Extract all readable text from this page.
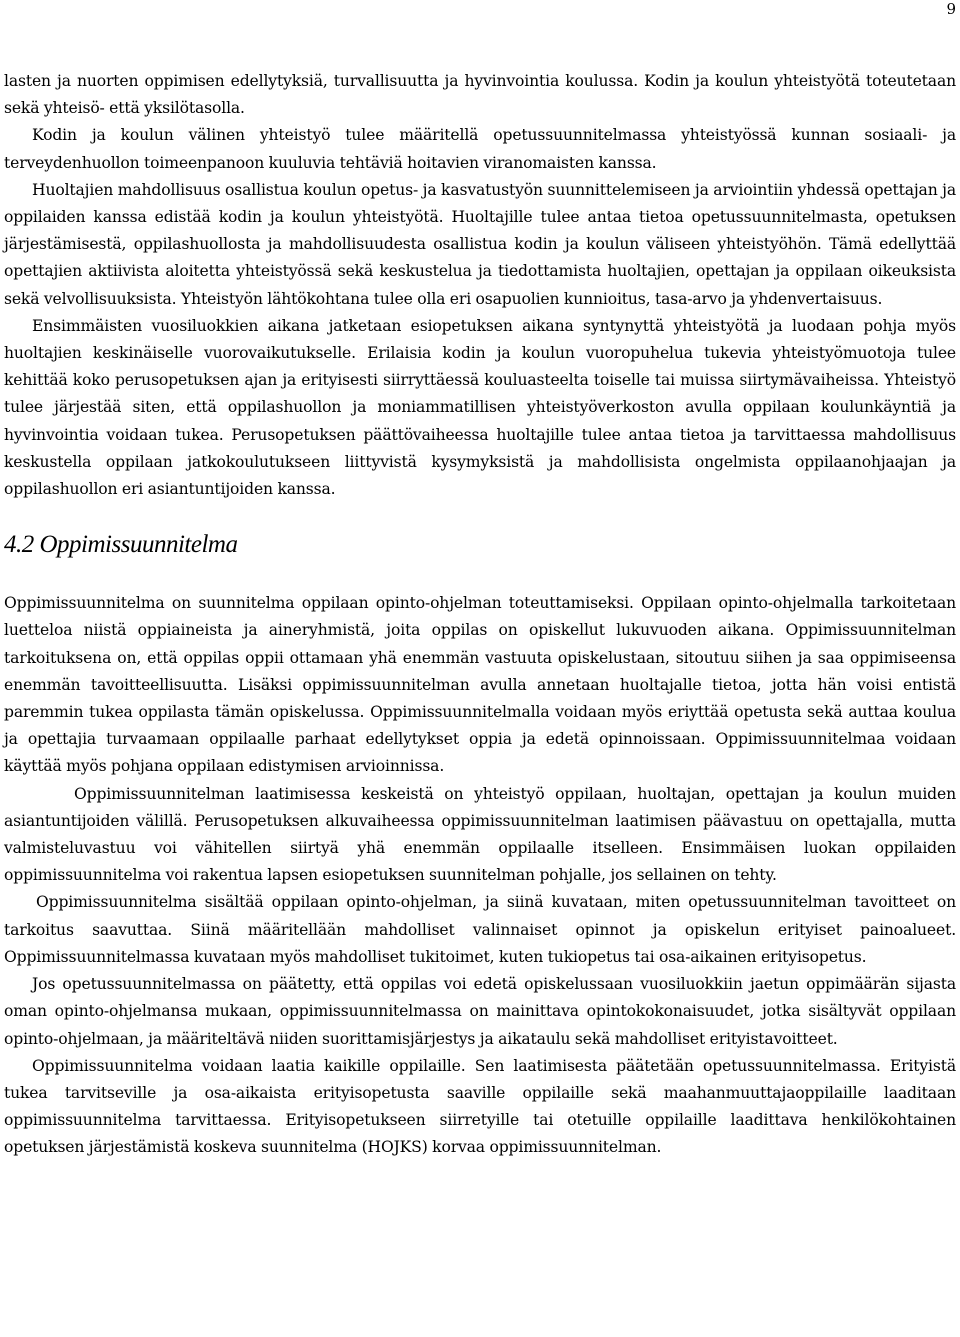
9

lasten ja nuorten oppimisen edellytyksiä, turvallisuutta ja hyvinvointia koulussa. Kodin ja koulun yhteistyötä toteutetaan sekä yhteisö- että yksilötasolla.

Kodin ja koulun välinen yhteistyö tulee määritellä opetussuunnitelmassa yhteistyössä kunnan sosiaali- ja terveydenhuollon toimeenpanoon kuuluvia tehtäviä hoitavien viranomaisten kanssa.

Huoltajien mahdollisuus osallistua koulun opetus- ja kasvatustyön suunnittelemiseen ja arviointiin yhdessä opettajan ja oppilaiden kanssa edistää kodin ja koulun yhteistyötä. Huoltajille tulee antaa tietoa opetussuunnitelmasta, opetuksen järjestämisestä, oppilashuollosta ja mahdollisuudesta osallistua kodin ja koulun väliseen yhteistyöhön. Tämä edellyttää opettajien aktiivista aloitetta yhteistyössä sekä keskustelua ja tiedottamista huoltajien, opettajan ja oppilaan oikeuksista sekä velvollisuuksista. Yhteistyön lähtökohtana tulee olla eri osapuolien kunnioitus, tasa-arvo ja yhdenvertaisuus.

Ensimmäisten vuosiluokkien aikana jatketaan esiopetuksen aikana syntynyttä yhteistyötä ja luodaan pohja myös huoltajien keskinäiselle vuorovaikutukselle. Erilaisia kodin ja koulun vuoropuhelua tukevia yhteistyömuotoja tulee kehittää koko perusopetuksen ajan ja erityisesti siirryttäessä kouluasteelta toiselle tai muissa siirtymävaiheissa. Yhteistyö tulee järjestää siten, että oppilashuollon ja moniammatillisen yhteistyöverkoston avulla oppilaan koulunkäyntiä ja hyvinvointia voidaan tukea. Perusopetuksen päättövaiheessa huoltajille tulee antaa tietoa ja tarvittaessa mahdollisuus keskustella oppilaan jatkokoulutukseen liittyvistä kysymyksistä ja mahdollisista ongelmista oppilaanohjaajan ja oppilashuollon eri asiantuntijoiden kanssa.

4.2 Oppimissuunnitelma

Oppimissuunnitelma on suunnitelma oppilaan opinto-ohjelman toteuttamiseksi. Oppilaan opinto-ohjelmalla tarkoitetaan luetteloa niistä oppiaineista ja aineryhmistä, joita oppilas on opiskellut lukuvuoden aikana. Oppimissuunnitelman tarkoituksena on, että oppilas oppii ottamaan yhä enemmän vastuuta opiskelustaan, sitoutuu siihen ja saa oppimiseensa enemmän tavoitteellisuutta. Lisäksi oppimissuunnitelman avulla annetaan huoltajalle tietoa, jotta hän voisi entistä paremmin tukea oppilasta tämän opiskelussa. Oppimissuunnitelmalla voidaan myös eriyttää opetusta sekä auttaa koulua ja opettajia turvaamaan oppilaalle parhaat edellytykset oppia ja edetä opinnoissaan. Oppimissuunnitelmaa voidaan käyttää myös pohjana oppilaan edistymisen arvioinnissa.

Oppimissuunnitelman laatimisessa keskeistä on yhteistyö oppilaan, huoltajan, opettajan ja koulun muiden asiantuntijoiden välillä. Perusopetuksen alkuvaiheessa oppimissuunnitelman laatimisen päävastuu on opettajalla, mutta valmisteluvastuu voi vähitellen siirtyä yhä enemmän oppilaalle itselleen. Ensimmäisen luokan oppilaiden oppimissuunnitelma voi rakentua lapsen esiopetuksen suunnitelman pohjalle, jos sellainen on tehty.

Oppimissuunnitelma sisältää oppilaan opinto-ohjelman, ja siinä kuvataan, miten opetussuunnitelman tavoitteet on tarkoitus saavuttaa. Siinä määritellään mahdolliset valinnaiset opinnot ja opiskelun erityiset painoalueet. Oppimissuunnitelmassa kuvataan myös mahdolliset tukitoimet, kuten tukiopetus tai osa-aikainen erityisopetus.

Jos opetussuunnitelmassa on päätetty, että oppilas voi edetä opiskelussaan vuosiluokkiin jaetun oppimäärän sijasta oman opinto-ohjelmansa mukaan, oppimissuunnitelmassa on mainittava opintokokonaisuudet, jotka sisältyvät oppilaan opinto-ohjelmaan, ja määriteltävä niiden suorittamisjärjestys ja aikataulu sekä mahdolliset erityistavoitteet.

Oppimissuunnitelma voidaan laatia kaikille oppilaille. Sen laatimisesta päätetään opetussuunnitelmassa. Erityistä tukea tarvitseville ja osa-aikaista erityisopetusta saaville oppilaille sekä maahanmuuttajaoppilaille laaditaan oppimissuunnitelma tarvittaessa. Erityisopetukseen siirretyille tai otetuille oppilaille laadittava henkilökohtainen opetuksen järjestämistä koskeva suunnitelma (HOJKS) korvaa oppimissuunnitelman.
